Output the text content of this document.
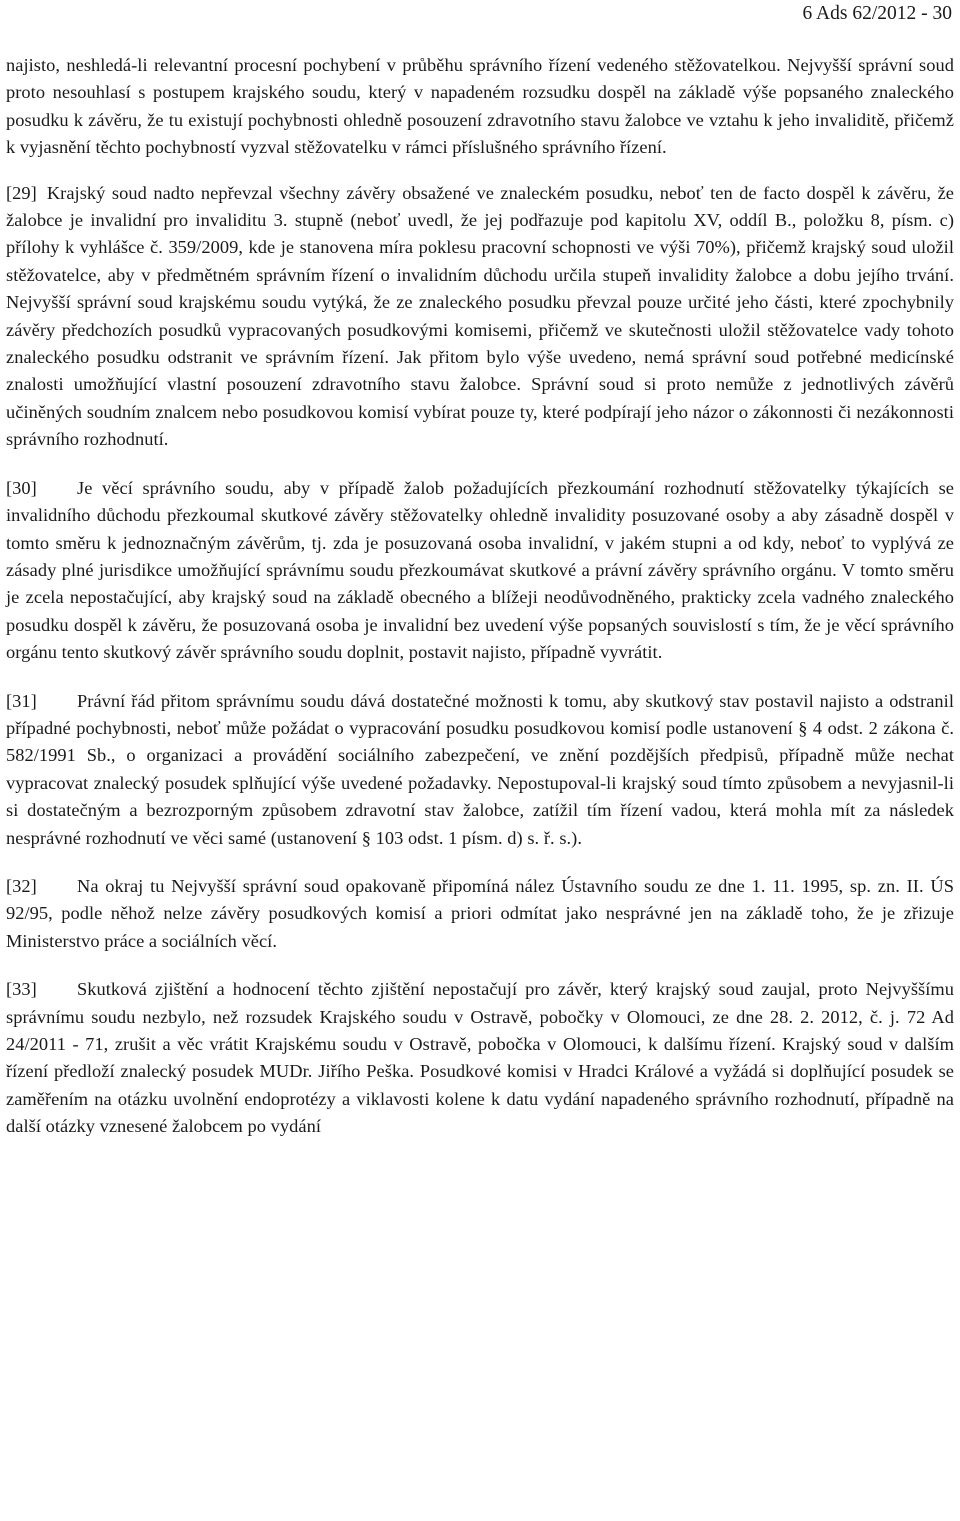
6 Ads 62/2012 - 30

najisto, neshledá-li relevantní procesní pochybení v průběhu správního řízení vedeného stěžovatelkou. Nejvyšší správní soud proto nesouhlasí s postupem krajského soudu, který v napadeném rozsudku dospěl na základě výše popsaného znaleckého posudku k závěru, že tu existují pochybnosti ohledně posouzení zdravotního stavu žalobce ve vztahu k jeho invaliditě, přičemž k vyjasnění těchto pochybností vyzval stěžovatelku v rámci příslušného správního řízení.

[29] Krajský soud nadto nepřevzal všechny závěry obsažené ve znaleckém posudku, neboť ten de facto dospěl k závěru, že žalobce je invalidní pro invaliditu 3. stupně (neboť uvedl, že jej podřazuje pod kapitolu XV, oddíl B., položku 8, písm. c) přílohy k vyhlášce č. 359/2009, kde je stanovena míra poklesu pracovní schopnosti ve výši 70%), přičemž krajský soud uložil stěžovatelce, aby v předmětném správním řízení o invalidním důchodu určila stupeň invalidity žalobce a dobu jejího trvání. Nejvyšší správní soud krajskému soudu vytýká, že ze znaleckého posudku převzal pouze určité jeho části, které zpochybnily závěry předchozích posudků vypracovaných posudkovými komisemi, přičemž ve skutečnosti uložil stěžovatelce vady tohoto znaleckého posudku odstranit ve správním řízení. Jak přitom bylo výše uvedeno, nemá správní soud potřebné medicínské znalosti umožňující vlastní posouzení zdravotního stavu žalobce. Správní soud si proto nemůže z jednotlivých závěrů učiněných soudním znalcem nebo posudkovou komisí vybírat pouze ty, které podpírají jeho názor o zákonnosti či nezákonnosti správního rozhodnutí.

[30] Je věcí správního soudu, aby v případě žalob požadujících přezkoumání rozhodnutí stěžovatelky týkajících se invalidního důchodu přezkoumal skutkové závěry stěžovatelky ohledně invalidity posuzované osoby a aby zásadně dospěl v tomto směru k jednoznačným závěrům, tj. zda je posuzovaná osoba invalidní, v jakém stupni a od kdy, neboť to vyplývá ze zásady plné jurisdikce umožňující správnímu soudu přezkoumávat skutkové a právní závěry správního orgánu. V tomto směru je zcela nepostačující, aby krajský soud na základě obecného a blížeji neodůvodněného, prakticky zcela vadného znaleckého posudku dospěl k závěru, že posuzovaná osoba je invalidní bez uvedení výše popsaných souvislostí s tím, že je věcí správního orgánu tento skutkový závěr správního soudu doplnit, postavit najisto, případně vyvrátit.

[31] Právní řád přitom správnímu soudu dává dostatečné možnosti k tomu, aby skutkový stav postavil najisto a odstranil případné pochybnosti, neboť může požádat o vypracování posudku posudkovou komisí podle ustanovení § 4 odst. 2 zákona č. 582/1991 Sb., o organizaci a provádění sociálního zabezpečení, ve znění pozdějších předpisů, případně může nechat vypracovat znalecký posudek splňující výše uvedené požadavky. Nepostupoval-li krajský soud tímto způsobem a nevyjasnil-li si dostatečným a bezrozporným způsobem zdravotní stav žalobce, zatížil tím řízení vadou, která mohla mít za následek nesprávné rozhodnutí ve věci samé (ustanovení § 103 odst. 1 písm. d) s. ř. s.).

[32] Na okraj tu Nejvyšší správní soud opakovaně připomíná nález Ústavního soudu ze dne 1. 11. 1995, sp. zn. II. ÚS 92/95, podle něhož nelze závěry posudkových komisí a priori odmítat jako nesprávné jen na základě toho, že je zřizuje Ministerstvo práce a sociálních věcí.

[33] Skutková zjištění a hodnocení těchto zjištění nepostačují pro závěr, který krajský soud zaujal, proto Nejvyššímu správnímu soudu nezbylo, než rozsudek Krajského soudu v Ostravě, pobočky v Olomouci, ze dne 28. 2. 2012, č. j. 72 Ad 24/2011 - 71, zrušit a věc vrátit Krajskému soudu v Ostravě, pobočka v Olomouci, k dalšímu řízení. Krajský soud v dalším řízení předloží znalecký posudek MUDr. Jiřího Peška. Posudkové komisi v Hradci Králové a vyžádá si doplňující posudek se zaměřením na otázku uvolnění endoprotézy a viklavosti kolene k datu vydání napadeného správního rozhodnutí, případně na další otázky vznesené žalobcem po vydání
